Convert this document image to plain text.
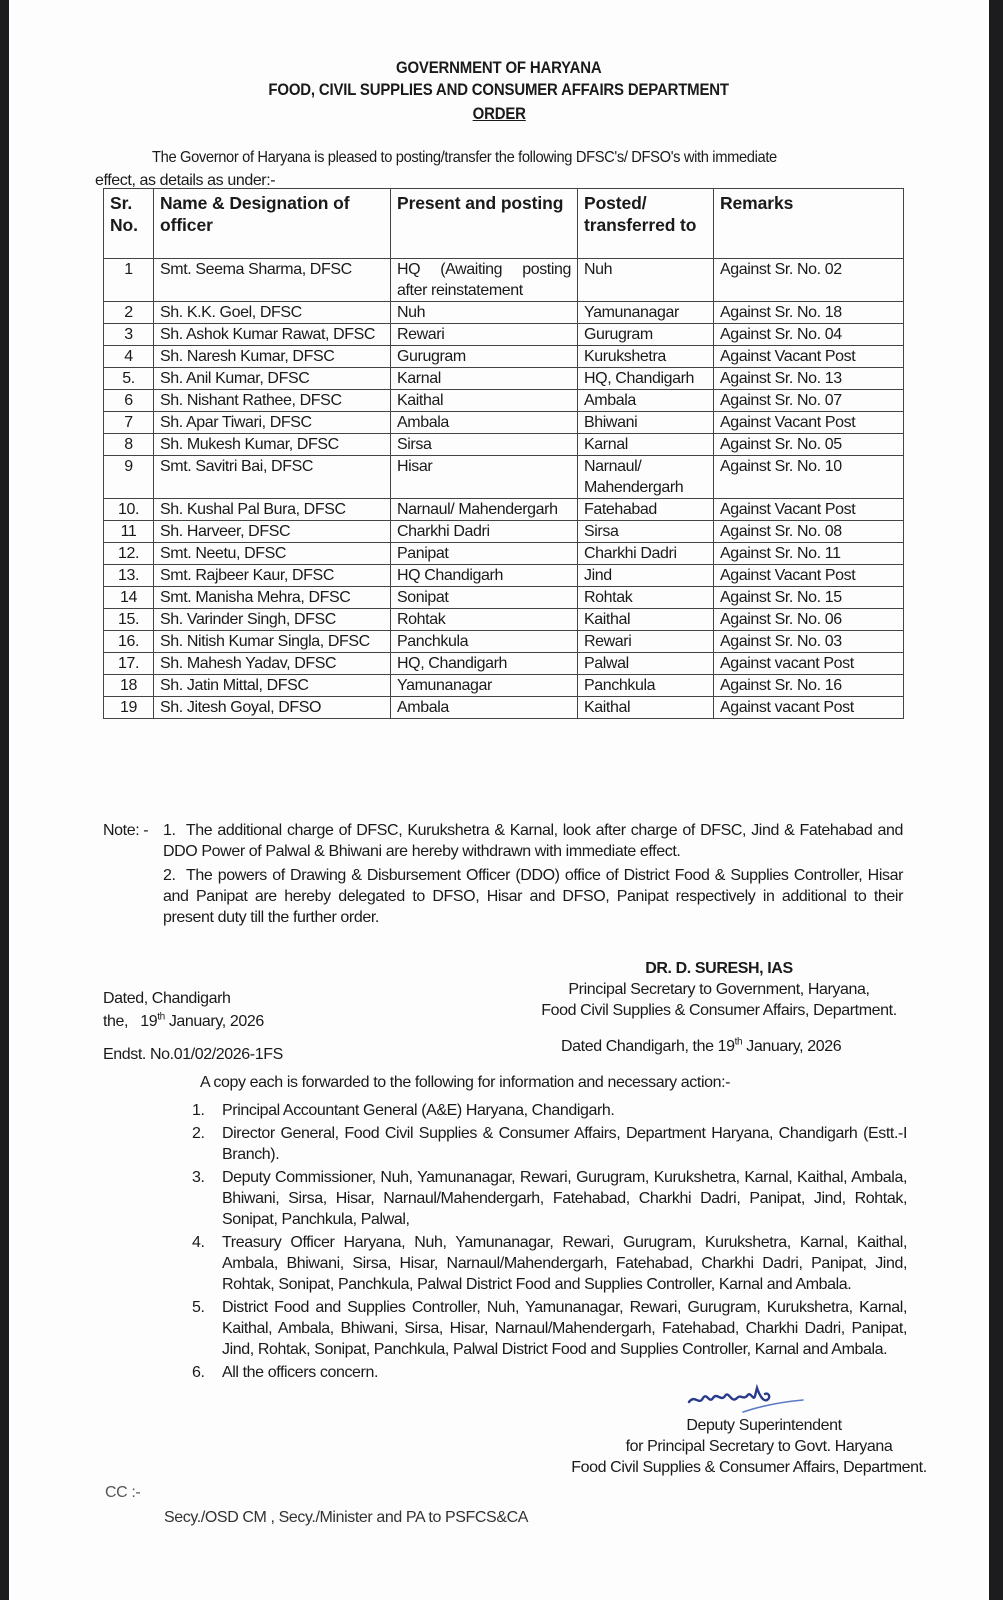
GOVERNMENT OF HARYANA
FOOD, CIVIL SUPPLIES AND CONSUMER AFFAIRS DEPARTMENT
ORDER
The Governor of Haryana is pleased to posting/transfer the following DFSC's/ DFSO's with immediate
effect, as details as under:-
Sr. No.	Name & Designation of officer	Present and posting	Posted/ transferred to	Remarks
1	Smt. Seema Sharma, DFSC	HQ (Awaiting posting after reinstatement	Nuh	Against Sr. No. 02
2	Sh. K.K. Goel, DFSC	Nuh	Yamunanagar	Against Sr. No. 18
3	Sh. Ashok Kumar Rawat, DFSC	Rewari	Gurugram	Against Sr. No. 04
4	Sh. Naresh Kumar, DFSC	Gurugram	Kurukshetra	Against Vacant Post
5.	Sh. Anil Kumar, DFSC	Karnal	HQ, Chandigarh	Against Sr. No. 13
6	Sh. Nishant Rathee, DFSC	Kaithal	Ambala	Against Sr. No. 07
7	Sh. Apar Tiwari, DFSC	Ambala	Bhiwani	Against Vacant Post
8	Sh. Mukesh Kumar, DFSC	Sirsa	Karnal	Against Sr. No. 05
9	Smt. Savitri Bai, DFSC	Hisar	Narnaul/ Mahendergarh	Against Sr. No. 10
10.	Sh. Kushal Pal Bura, DFSC	Narnaul/ Mahendergarh	Fatehabad	Against Vacant Post
11	Sh. Harveer, DFSC	Charkhi Dadri	Sirsa	Against Sr. No. 08
12.	Smt. Neetu, DFSC	Panipat	Charkhi Dadri	Against Sr. No. 11
13.	Smt. Rajbeer Kaur, DFSC	HQ Chandigarh	Jind	Against Vacant Post
14	Smt. Manisha Mehra, DFSC	Sonipat	Rohtak	Against Sr. No. 15
15.	Sh. Varinder Singh, DFSC	Rohtak	Kaithal	Against Sr. No. 06
16.	Sh. Nitish Kumar Singla, DFSC	Panchkula	Rewari	Against Sr. No. 03
17.	Sh. Mahesh Yadav, DFSC	HQ, Chandigarh	Palwal	Against vacant Post
18	Sh. Jatin Mittal, DFSC	Yamunanagar	Panchkula	Against Sr. No. 16
19	Sh. Jitesh Goyal, DFSO	Ambala	Kaithal	Against vacant Post
Note: - 1. The additional charge of DFSC, Kurukshetra & Karnal, look after charge of DFSC, Jind & Fatehabad and DDO Power of Palwal & Bhiwani are hereby withdrawn with immediate effect.
2. The powers of Drawing & Disbursement Officer (DDO) office of District Food & Supplies Controller, Hisar and Panipat are hereby delegated to DFSO, Hisar and DFSO, Panipat respectively in additional to their present duty till the further order.
DR. D. SURESH, IAS
Principal Secretary to Government, Haryana,
Food Civil Supplies & Consumer Affairs, Department.
Dated, Chandigarh
the,   19th January, 2026
Endst. No.01/02/2026-1FS	Dated Chandigarh, the 19th January, 2026
A copy each is forwarded to the following for information and necessary action:-
1. Principal Accountant General (A&E) Haryana, Chandigarh.
2. Director General, Food Civil Supplies & Consumer Affairs, Department Haryana, Chandigarh (Estt.-I Branch).
3. Deputy Commissioner, Nuh, Yamunanagar, Rewari, Gurugram, Kurukshetra, Karnal, Kaithal, Ambala, Bhiwani, Sirsa, Hisar, Narnaul/Mahendergarh, Fatehabad, Charkhi Dadri, Panipat, Jind, Rohtak, Sonipat, Panchkula, Palwal,
4. Treasury Officer Haryana, Nuh, Yamunanagar, Rewari, Gurugram, Kurukshetra, Karnal, Kaithal, Ambala, Bhiwani, Sirsa, Hisar, Narnaul/Mahendergarh, Fatehabad, Charkhi Dadri, Panipat, Jind, Rohtak, Sonipat, Panchkula, Palwal District Food and Supplies Controller, Karnal and Ambala.
5. District Food and Supplies Controller, Nuh, Yamunanagar, Rewari, Gurugram, Kurukshetra, Karnal, Kaithal, Ambala, Bhiwani, Sirsa, Hisar, Narnaul/Mahendergarh, Fatehabad, Charkhi Dadri, Panipat, Jind, Rohtak, Sonipat, Panchkula, Palwal District Food and Supplies Controller, Karnal and Ambala.
6. All the officers concern.
Deputy Superintendent
for Principal Secretary to Govt. Haryana
Food Civil Supplies & Consumer Affairs, Department.
CC :-
Secy./OSD CM , Secy./Minister and PA to PSFCS&CA
